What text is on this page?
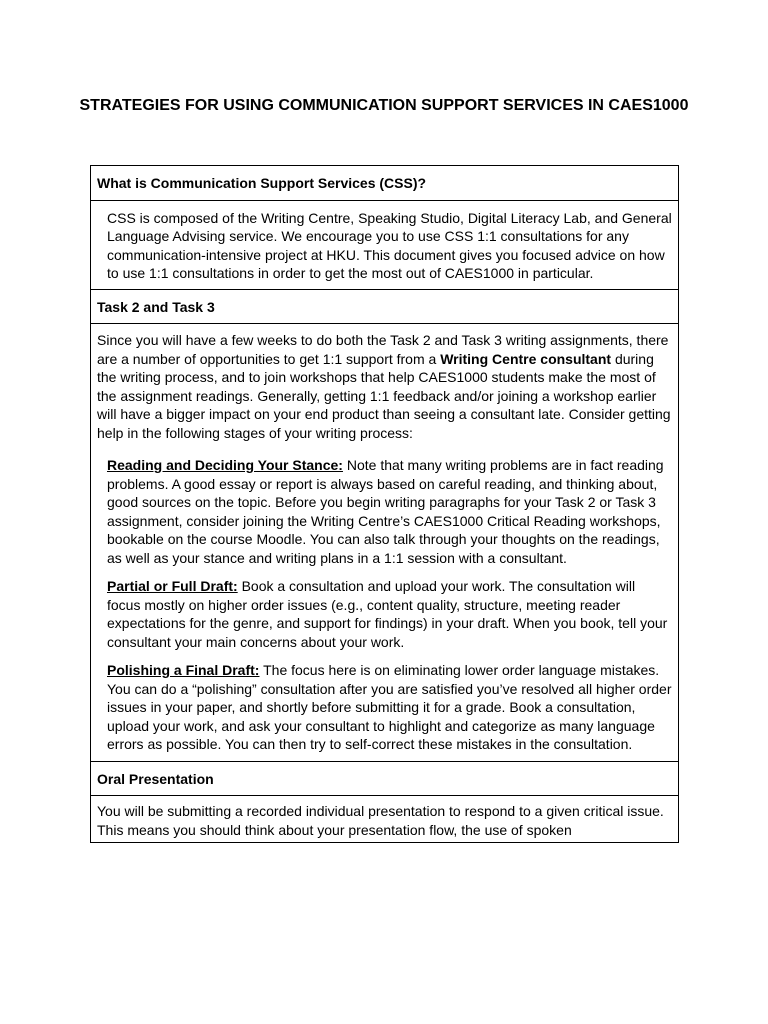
STRATEGIES FOR USING COMMUNICATION SUPPORT SERVICES IN CAES1000
What is Communication Support Services (CSS)?
CSS is composed of the Writing Centre, Speaking Studio, Digital Literacy Lab, and General Language Advising service. We encourage you to use CSS 1:1 consultations for any communication-intensive project at HKU. This document gives you focused advice on how to use 1:1 consultations in order to get the most out of CAES1000 in particular.
Task 2 and Task 3

Since you will have a few weeks to do both the Task 2 and Task 3 writing assignments, there are a number of opportunities to get 1:1 support from a Writing Centre consultant during the writing process, and to join workshops that help CAES1000 students make the most of the assignment readings. Generally, getting 1:1 feedback and/or joining a workshop earlier will have a bigger impact on your end product than seeing a consultant late. Consider getting help in the following stages of your writing process:

Reading and Deciding Your Stance: Note that many writing problems are in fact reading problems. A good essay or report is always based on careful reading, and thinking about, good sources on the topic. Before you begin writing paragraphs for your Task 2 or Task 3 assignment, consider joining the Writing Centre’s CAES1000 Critical Reading workshops, bookable on the course Moodle. You can also talk through your thoughts on the readings, as well as your stance and writing plans in a 1:1 session with a consultant.

Partial or Full Draft: Book a consultation and upload your work. The consultation will focus mostly on higher order issues (e.g., content quality, structure, meeting reader expectations for the genre, and support for findings) in your draft. When you book, tell your consultant your main concerns about your work.

Polishing a Final Draft: The focus here is on eliminating lower order language mistakes. You can do a “polishing” consultation after you are satisfied you’ve resolved all higher order issues in your paper, and shortly before submitting it for a grade. Book a consultation, upload your work, and ask your consultant to highlight and categorize as many language errors as possible. You can then try to self-correct these mistakes in the consultation.

Oral Presentation
You will be submitting a recorded individual presentation to respond to a given critical issue. This means you should think about your presentation flow, the use of spoken
